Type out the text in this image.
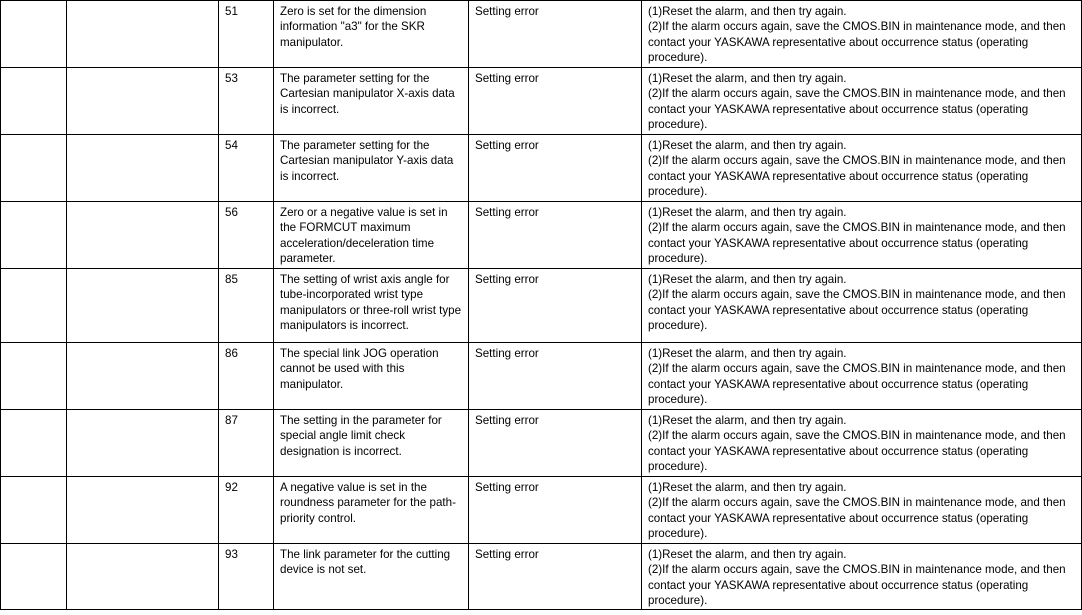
		51	Zero is set for the dimension information "a3" for the SKR manipulator.	Setting error	(1)Reset the alarm, and then try again.
(2)If the alarm occurs again, save the CMOS.BIN in maintenance mode, and then contact your YASKAWA representative about occurrence status (operating procedure).

		53	The parameter setting for the Cartesian manipulator X-axis data is incorrect.	Setting error	(1)Reset the alarm, and then try again.
(2)If the alarm occurs again, save the CMOS.BIN in maintenance mode, and then contact your YASKAWA representative about occurrence status (operating procedure).

		54	The parameter setting for the Cartesian manipulator Y-axis data is incorrect.	Setting error	(1)Reset the alarm, and then try again.
(2)If the alarm occurs again, save the CMOS.BIN in maintenance mode, and then contact your YASKAWA representative about occurrence status (operating procedure).

		56	Zero or a negative value is set in the FORMCUT maximum acceleration/deceleration time parameter.	Setting error	(1)Reset the alarm, and then try again.
(2)If the alarm occurs again, save the CMOS.BIN in maintenance mode, and then contact your YASKAWA representative about occurrence status (operating procedure).

		85	The setting of wrist axis angle for tube-incorporated wrist type manipulators or three-roll wrist type manipulators is incorrect.	Setting error	(1)Reset the alarm, and then try again.
(2)If the alarm occurs again, save the CMOS.BIN in maintenance mode, and then contact your YASKAWA representative about occurrence status (operating procedure).

		86	The special link JOG operation cannot be used with this manipulator.	Setting error	(1)Reset the alarm, and then try again.
(2)If the alarm occurs again, save the CMOS.BIN in maintenance mode, and then contact your YASKAWA representative about occurrence status (operating procedure).

		87	The setting in the parameter for special angle limit check designation is incorrect.	Setting error	(1)Reset the alarm, and then try again.
(2)If the alarm occurs again, save the CMOS.BIN in maintenance mode, and then contact your YASKAWA representative about occurrence status (operating procedure).

		92	A negative value is set in the roundness parameter for the path-priority control.	Setting error	(1)Reset the alarm, and then try again.
(2)If the alarm occurs again, save the CMOS.BIN in maintenance mode, and then contact your YASKAWA representative about occurrence status (operating procedure).

		93	The link parameter for the cutting device is not set.	Setting error	(1)Reset the alarm, and then try again.
(2)If the alarm occurs again, save the CMOS.BIN in maintenance mode, and then contact your YASKAWA representative about occurrence status (operating procedure).
